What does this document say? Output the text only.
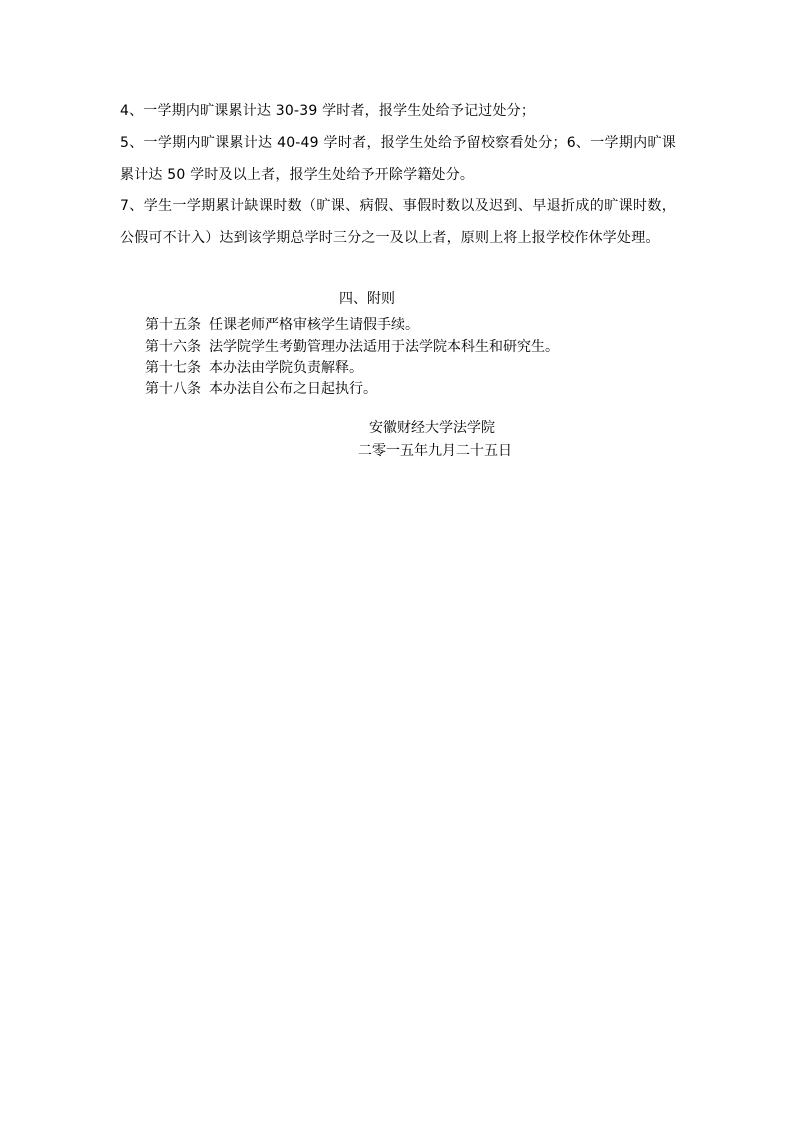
4、一学期内旷课累计达 30-39 学时者，报学生处给予记过处分；
5、一学期内旷课累计达 40-49 学时者，报学生处给予留校察看处分；6、一学期内旷课累计达 50 学时及以上者，报学生处给予开除学籍处分。
7、学生一学期累计缺课时数（旷课、病假、事假时数以及迟到、早退折成的旷课时数，公假可不计入）达到该学期总学时三分之一及以上者，原则上将上报学校作休学处理。
四、附则
第十五条 任课老师严格审核学生请假手续。
第十六条 法学院学生考勤管理办法适用于法学院本科生和研究生。
第十七条 本办法由学院负责解释。
第十八条 本办法自公布之日起执行。
安徽财经大学法学院
二零一五年九月二十五日
